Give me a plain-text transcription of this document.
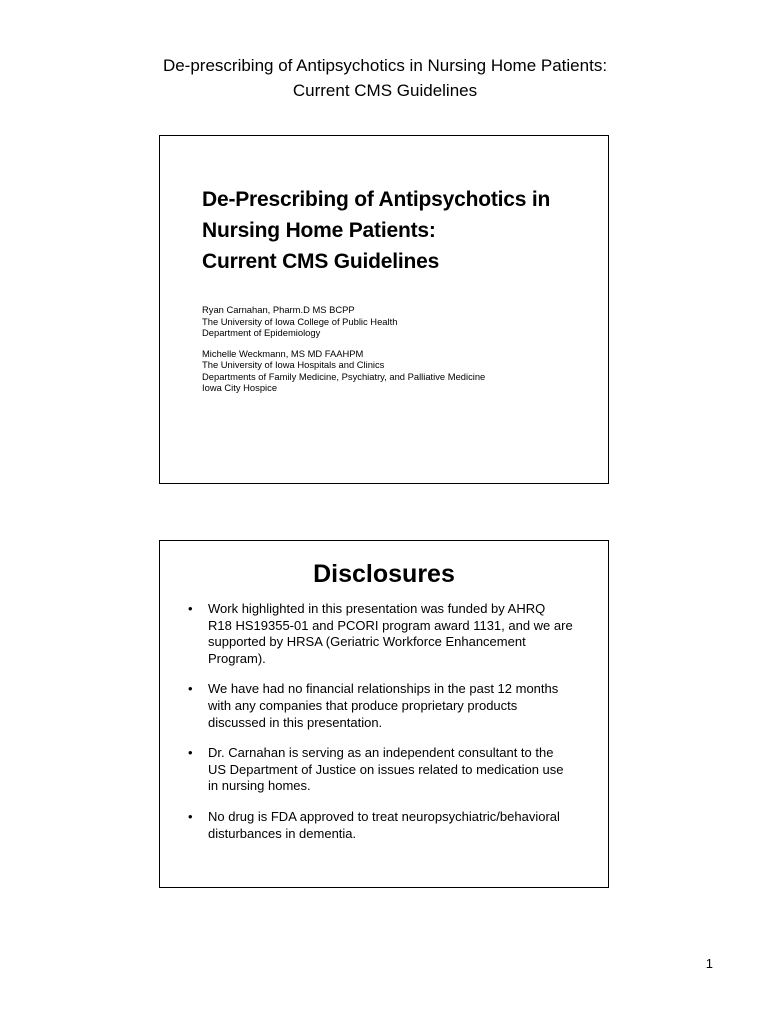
De-prescribing of Antipsychotics in Nursing Home Patients:
Current CMS Guidelines
De-Prescribing of Antipsychotics in
Nursing Home Patients:
Current CMS Guidelines
Ryan Carnahan, Pharm.D MS BCPP
The University of Iowa College of Public Health
Department of Epidemiology
Michelle Weckmann, MS MD FAAHPM
The University of Iowa Hospitals and Clinics
Departments of Family Medicine, Psychiatry, and Palliative Medicine
Iowa City Hospice
Disclosures
• Work highlighted in this presentation was funded by AHRQ
R18 HS19355-01 and PCORI program award 1131, and we are
supported by HRSA (Geriatric Workforce Enhancement
Program).
• We have had no financial relationships in the past 12 months
with any companies that produce proprietary products
discussed in this presentation.
• Dr. Carnahan is serving as an independent consultant to the
US Department of Justice on issues related to medication use
in nursing homes.
• No drug is FDA approved to treat neuropsychiatric/behavioral
disturbances in dementia.
1
